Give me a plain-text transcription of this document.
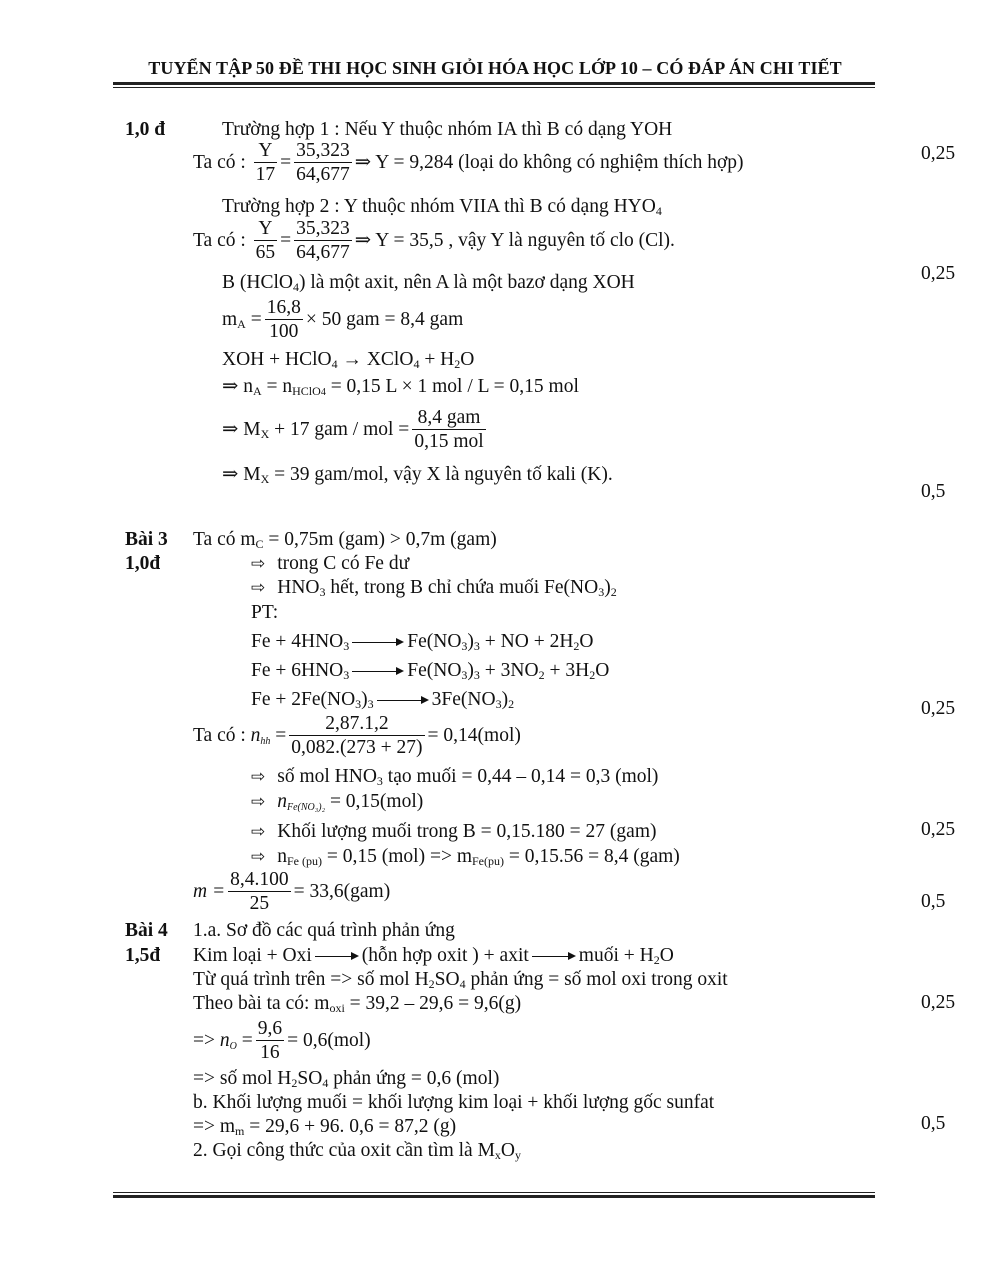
TUYỂN TẬP 50 ĐỀ THI HỌC SINH GIỎI HÓA HỌC LỚP 10 – CÓ ĐÁP ÁN CHI TIẾT
1,0 đ	Trường hợp 1 : Nếu Y thuộc nhóm IA thì B có dạng YOH
Ta có : $\frac{Y}{17} = \frac{35,323}{64,677}$ ⇒ Y = 9,284 (loại do không có nghiệm thích hợp)	0,25
Trường hợp 2 : Y thuộc nhóm VIIA thì B có dạng $HYO_4$
Ta có : $\frac{Y}{65} = \frac{35,323}{64,677}$ ⇒ Y = 35,5 , vậy Y là nguyên tố clo (Cl).
B (HClO$_4$) là một axit, nên A là một bazơ dạng XOH	0,25
$m_A = \frac{16,8}{100} \times 50$ gam = 8,4 gam
XOH + HClO$_4$ → XClO$_4$ + $H_2O$
⇒ $n_A = n_{HClO4} = 0,15$ L × 1 mol / L = 0,15 mol
⇒ $M_X + 17$ gam / mol = $\frac{\text{8,4 gam}}{\text{0,15 mol}}$
⇒ $M_X = 39$ gam/mol, vậy X là nguyên tố kali (K).
0,5
Bài 3
1,0đ
Ta có $m_C = 0,75m$ (gam) > 0,7m (gam)
⇨ trong C có Fe dư
⇨ $HNO_3$ hết, trong B chỉ chứa muối $Fe(NO_3)_2$
PT:
$Fe + 4HNO_3$	$Fe(NO_3)_3$ + NO + $2H_2O$
$Fe + 6HNO_3$	$Fe(NO_3)_3 + 3NO_2 + 3H_2O$
$Fe + 2Fe(NO_3)_3$	$3Fe(NO_3)_2$	0,25
Ta có : $n_{hh} = \frac{2,87.1,2}{0,082.(273 + 27)} = 0,14(mol)$
⇨ số mol $HNO_3$ tạo muối = 0,44 – 0,14 = 0,3 (mol)
⇨ $n_{Fe(NO_3)_2} = 0,15(mol)$
⇨ Khối lượng muối trong B = 0,15.180 = 27 (gam)	0,25
⇨ $n_{Fe (pu)} = 0,15$ $(mol) => m_{Fe(pu)} = 0,15.56 = 8,4$ (gam)
$m = \frac{8,4.100}{25} = 33,6(gam)$	0,5
Bài 4
1,5đ
1.a. Sơ đồ các quá trình phản ứng
Kim loại + Oxi	(hỗn hợp oxit ) + axit	muối + $H_2O$
Từ quá trình trên => số mol $H_2SO_4$ phản ứng = số mol oxi trong oxit
Theo bài ta có: $m_{oxi} = 39,2 - 29,6 = 9,6(g)$	0,25
=> $n_O = \frac{9,6}{16} = 0,6(mol)$
=> số mol $H_2SO_4$ phản ứng = 0,6 (mol)
b. Khối lượng muối = khối lượng kim loại + khối lượng gốc sunfat
=> $m_m = 29,6 + 96$. 0,6 = 87,2 (g)	0,5
2. Gọi công thức của oxit cần tìm là $M_xO_y$
